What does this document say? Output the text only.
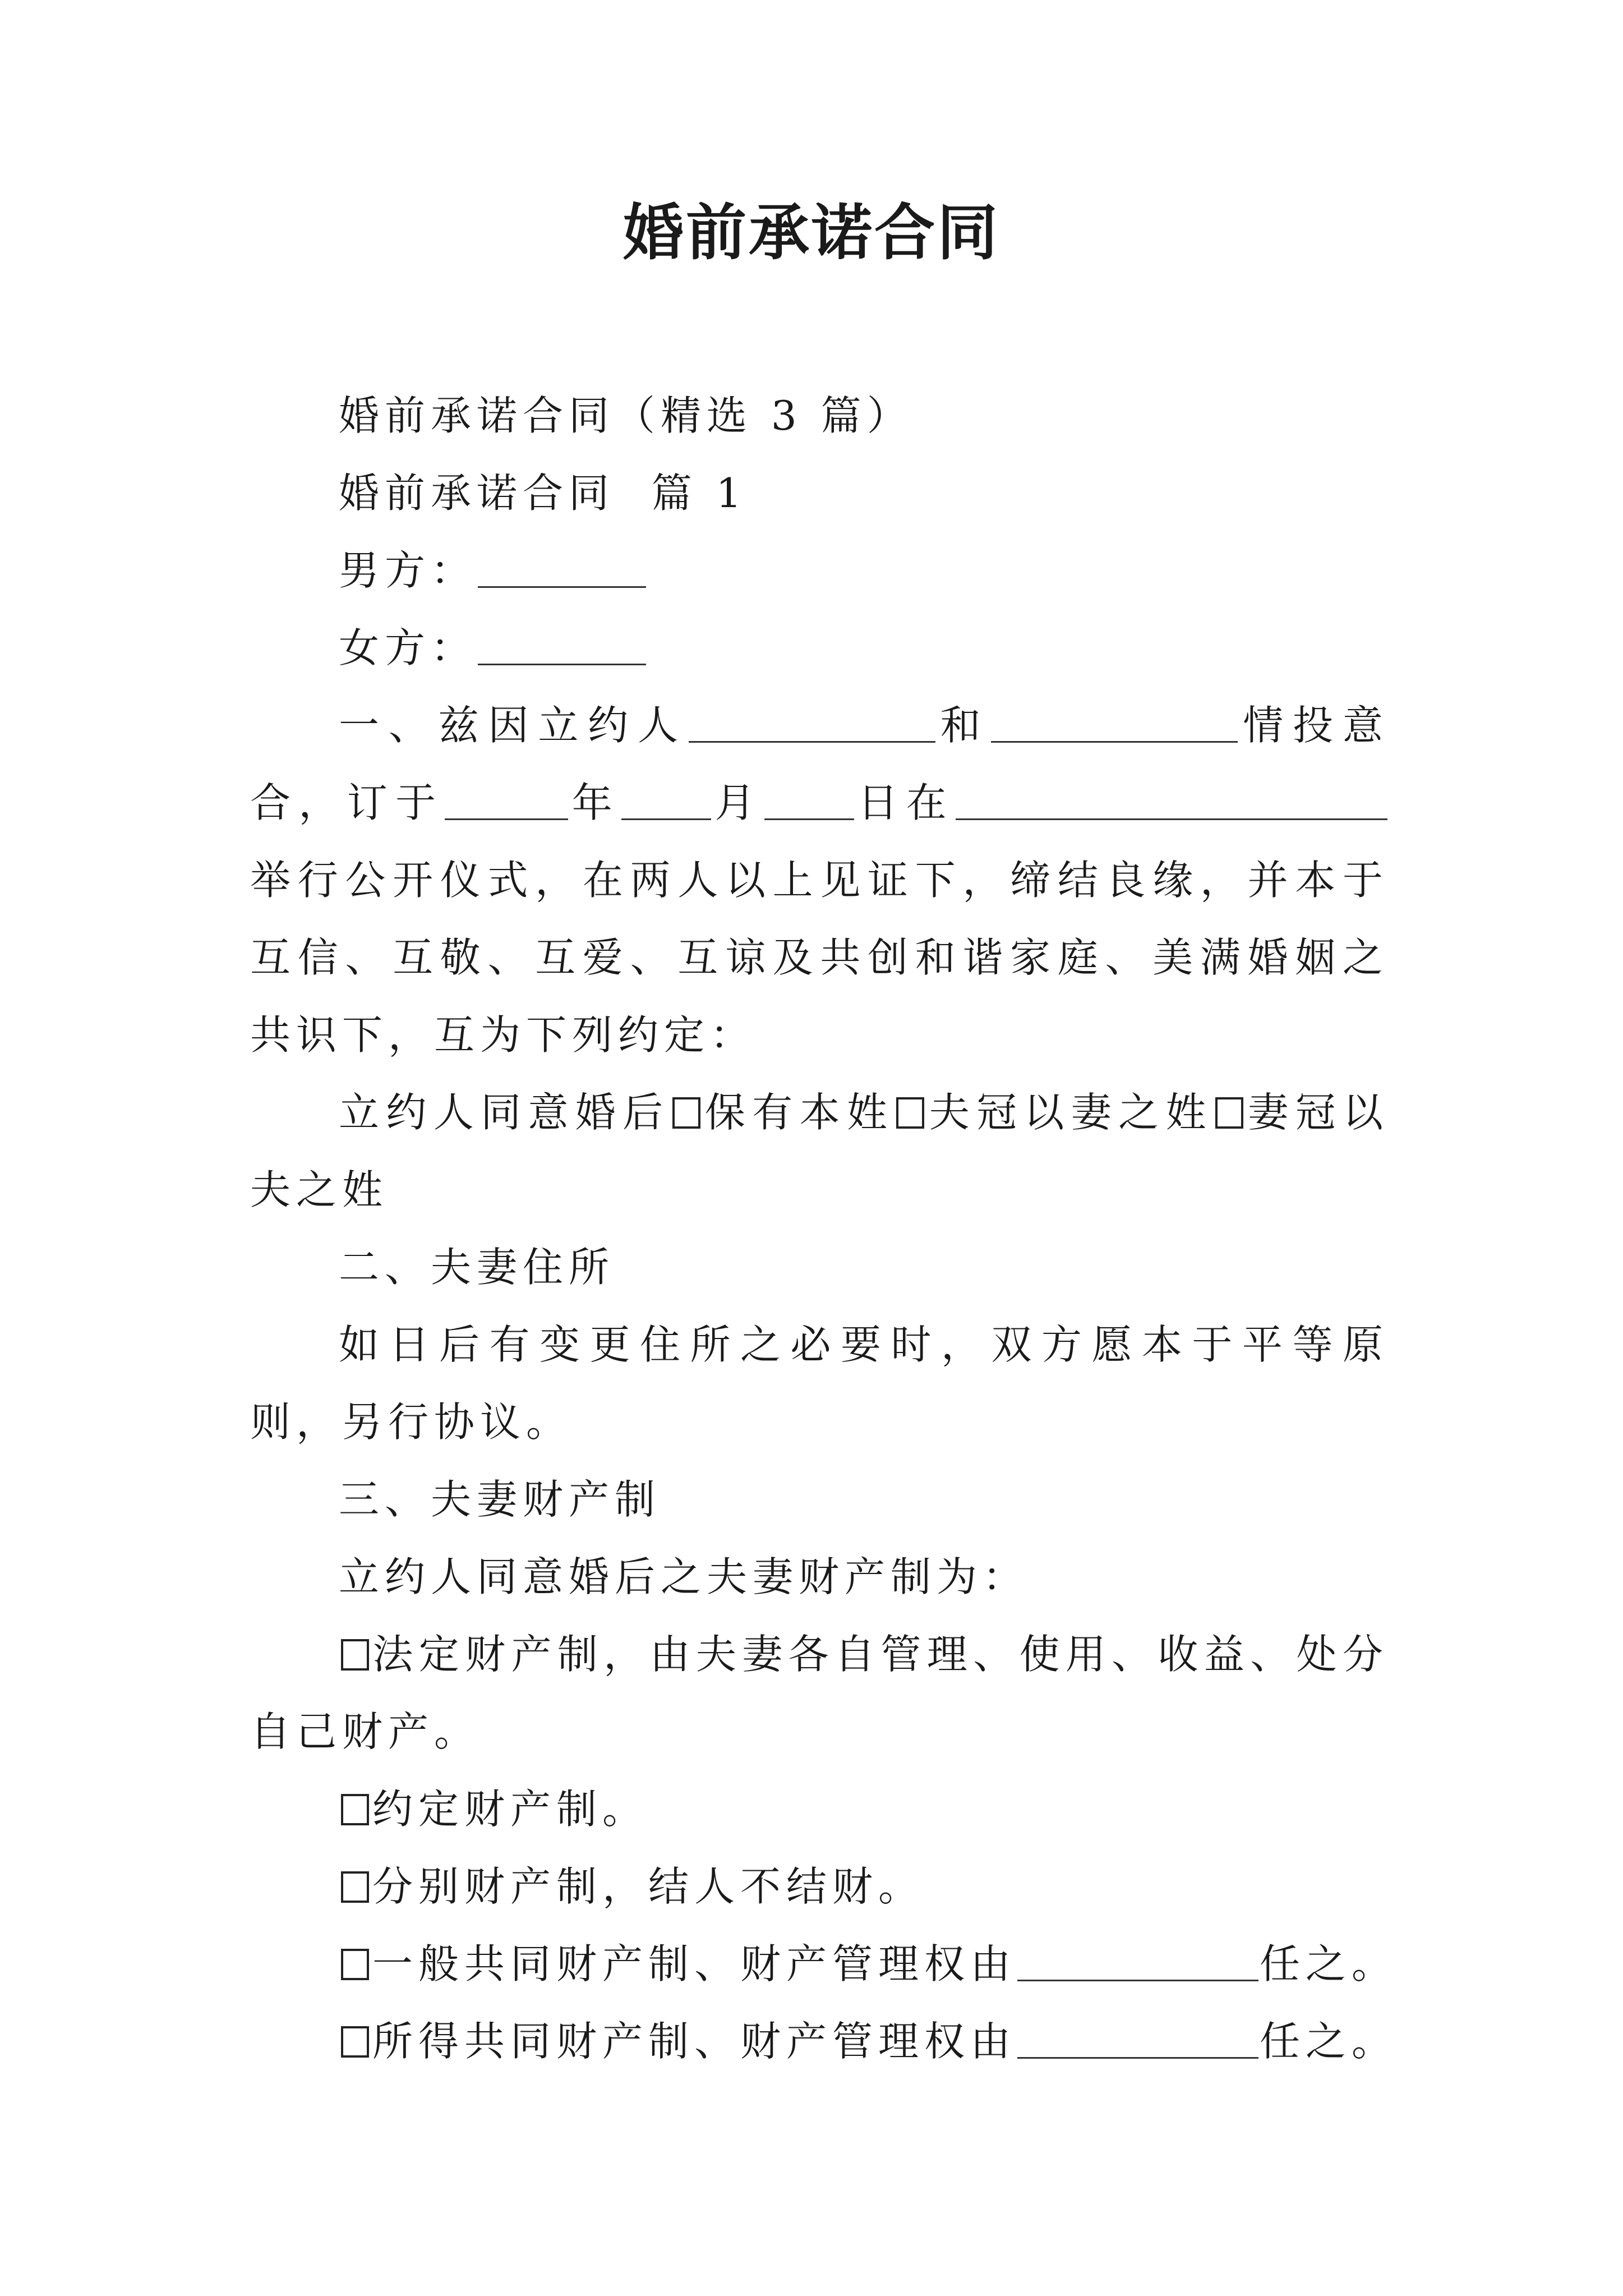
婚前承诺合同

婚前承诺合同（精选 3 篇）

婚前承诺合同  篇 1

男方：

女方：

一、兹因立约人	和	情投意合，订于	年 月 日在举行公开仪式，在两人以上见证下，缔结良缘，并本于互信、互敬、互爱、互谅及共创和谐家庭、美满婚姻之共识下，互为下列约定：

立约人同意婚后 保有本姓 夫冠以妻之姓 妻冠以夫之姓

二、夫妻住所

如日后有变更住所之必要时，双方愿本于平等原则，另行协议。

三、夫妻财产制

立约人同意婚后之夫妻财产制为：

法定财产制，由夫妻各自管理、使用、收益、处分自己财产。

约定财产制。

分别财产制，结人不结财。

一般共同财产制、财产管理权由	任之。

所得共同财产制、财产管理权由	任之。
